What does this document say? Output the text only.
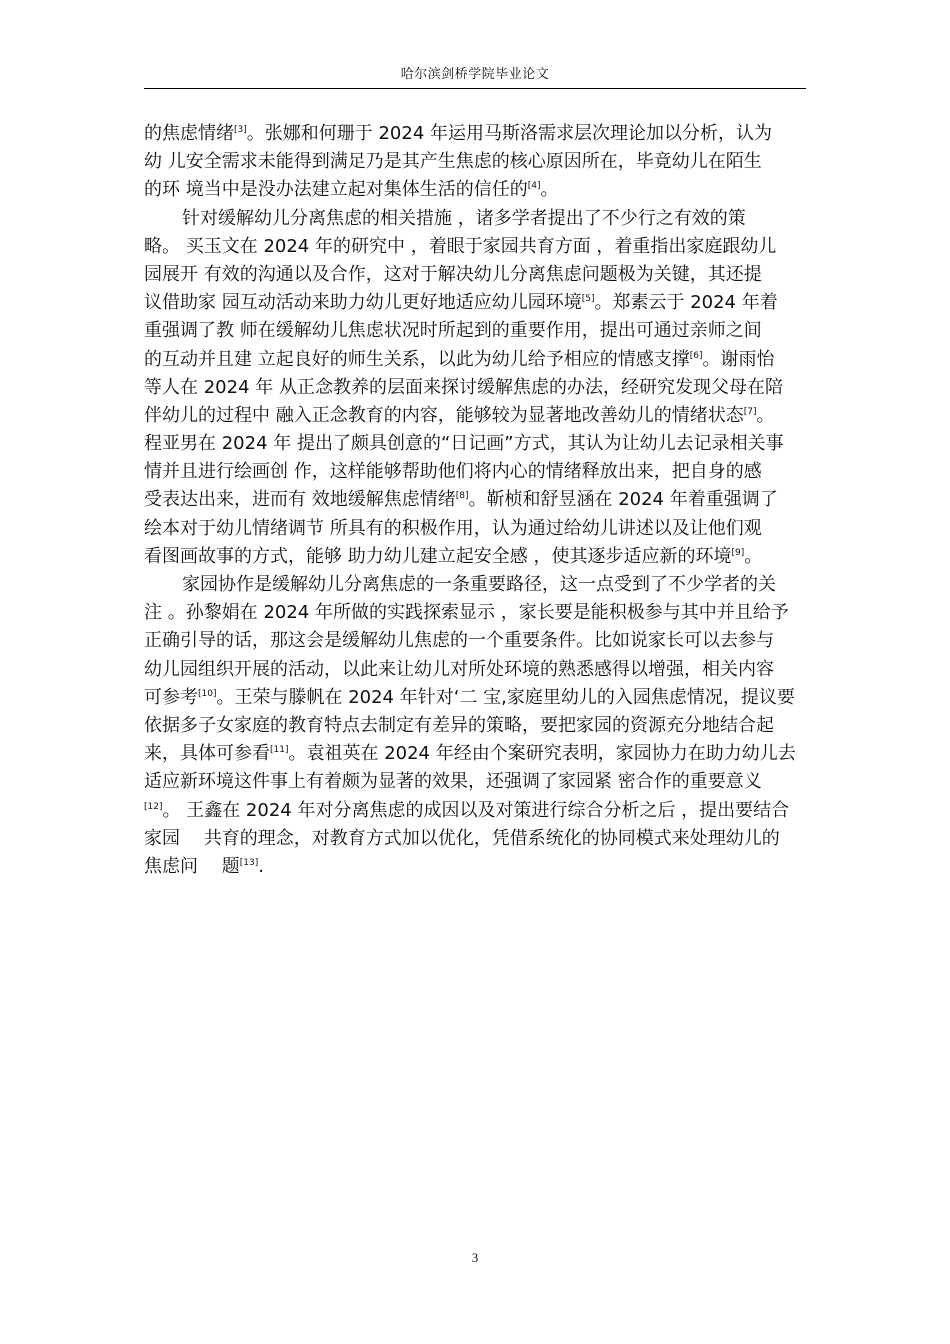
哈尔滨剑桥学院毕业论文
的焦虑情绪[3]。张娜和何珊于 2024 年运用马斯洛需求层次理论加以分析，认为
幼 儿安全需求未能得到满足乃是其产生焦虑的核心原因所在，毕竟幼儿在陌生
的环 境当中是没办法建立起对集体生活的信任的[4]。
针对缓解幼儿分离焦虑的相关措施 ，诸多学者提出了不少行之有效的策
略。 买玉文在 2024 年的研究中 ，着眼于家园共育方面 ，着重指出家庭跟幼儿
园展开 有效的沟通以及合作，这对于解决幼儿分离焦虑问题极为关键，其还提
议借助家 园互动活动来助力幼儿更好地适应幼儿园环境[5]。郑素云于 2024 年着
重强调了教 师在缓解幼儿焦虑状况时所起到的重要作用，提出可通过亲师之间
的互动并且建 立起良好的师生关系，以此为幼儿给予相应的情感支撑[6]。谢雨怡
等人在 2024 年 从正念教养的层面来探讨缓解焦虑的办法，经研究发现父母在陪
伴幼儿的过程中 融入正念教育的内容，能够较为显著地改善幼儿的情绪状态[7]。
程亚男在 2024 年 提出了颇具创意的“日记画”方式，其认为让幼儿去记录相关事
情并且进行绘画创 作，这样能够帮助他们将内心的情绪释放出来，把自身的感
受表达出来，进而有 效地缓解焦虑情绪[8]。靳桢和舒昱涵在 2024 年着重强调了
绘本对于幼儿情绪调节 所具有的积极作用，认为通过给幼儿讲述以及让他们观
看图画故事的方式，能够 助力幼儿建立起安全感 ，使其逐步适应新的环境[9]。
家园协作是缓解幼儿分离焦虑的一条重要路径，这一点受到了不少学者的关
注 。孙黎娟在 2024 年所做的实践探索显示 ，家长要是能积极参与其中并且给予
正确引导的话，那这会是缓解幼儿焦虑的一个重要条件。比如说家长可以去参与
幼儿园组织开展的活动，以此来让幼儿对所处环境的熟悉感得以增强，相关内容
可参考[10]。王荣与滕帆在 2024 年针对‘二 宝,家庭里幼儿的入园焦虑情况，提议要
依据多子女家庭的教育特点去制定有差异的策略，要把家园的资源充分地结合起
来，具体可参看[11]。袁祖英在 2024 年经由个案研究表明，家园协力在助力幼儿去
适应新环境这件事上有着颇为显著的效果，还强调了家园紧 密合作的重要意义
[12]。 王鑫在 2024 年对分离焦虑的成因以及对策进行综合分析之后 ，提出要结合
家园　 共育的理念，对教育方式加以优化，凭借系统化的协同模式来处理幼儿的
焦虑问　 题[13].
3
